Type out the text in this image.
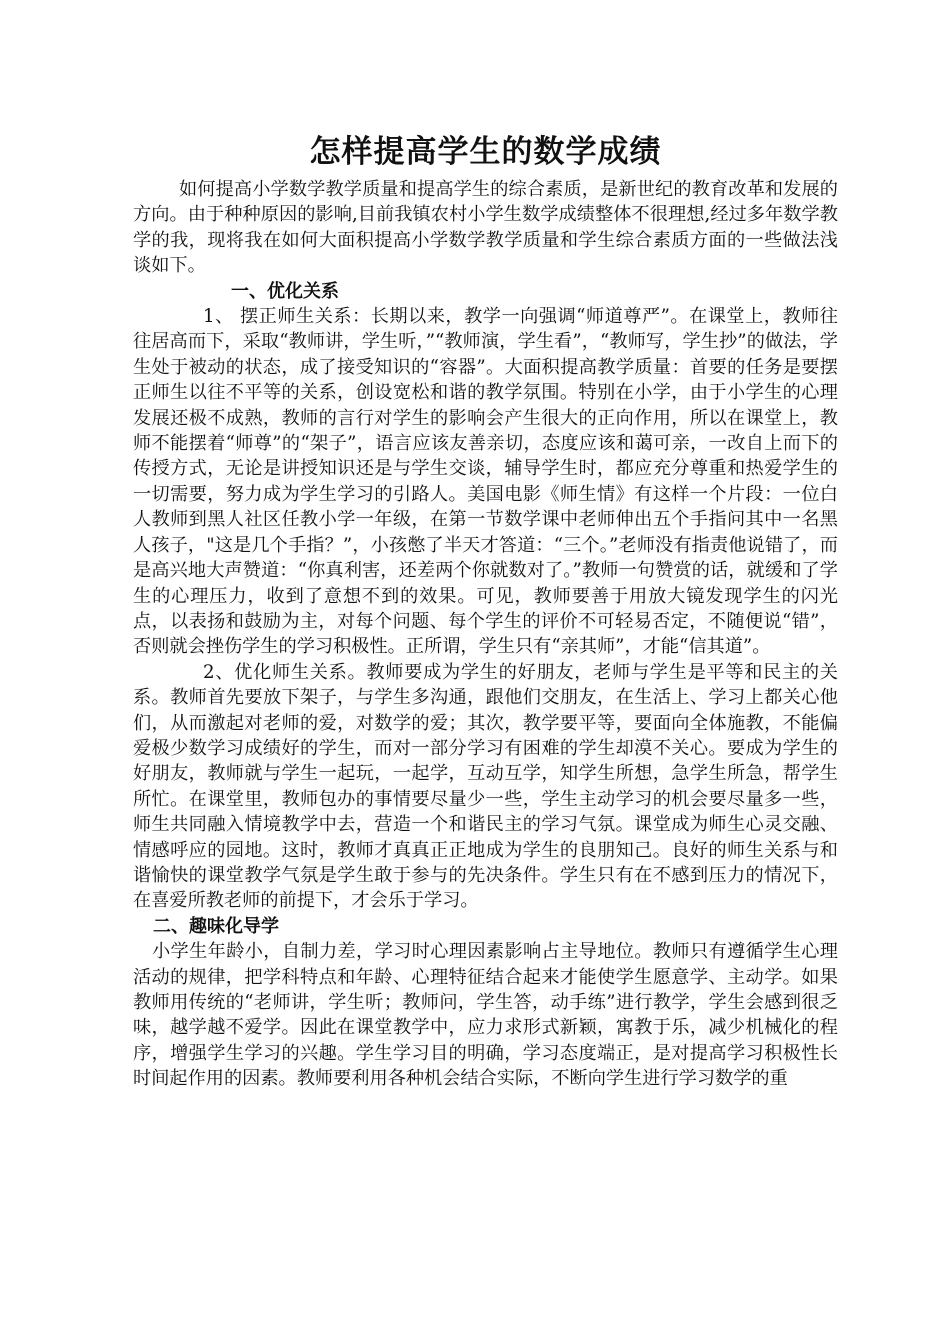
怎样提高学生的数学成绩

如何提高小学数学教学质量和提高学生的综合素质，是新世纪的教育改革和发展的方向。由于种种原因的影响,目前我镇农村小学生数学成绩整体不很理想,经过多年数学教学的我，现将我在如何大面积提高小学数学教学质量和学生综合素质方面的一些做法浅谈如下。

一、优化关系

1、 摆正师生关系：长期以来，教学一向强调“师道尊严”。在课堂上，教师往往居高而下，采取“教师讲，学生听，”“教师演，学生看”，“教师写，学生抄”的做法，学生处于被动的状态，成了接受知识的“容器”。大面积提高教学质量：首要的任务是要摆正师生以往不平等的关系，创设宽松和谐的教学氛围。特别在小学，由于小学生的心理发展还极不成熟，教师的言行对学生的影响会产生很大的正向作用，所以在课堂上，教师不能摆着“师尊”的“架子”，语言应该友善亲切，态度应该和蔼可亲，一改自上而下的传授方式，无论是讲授知识还是与学生交谈，辅导学生时，都应充分尊重和热爱学生的一切需要，努力成为学生学习的引路人。美国电影《师生情》有这样一个片段：一位白人教师到黑人社区任教小学一年级，在第一节数学课中老师伸出五个手指问其中一名黑人孩子，"这是几个手指？”，小孩憋了半天才答道：“三个。”老师没有指责他说错了，而是高兴地大声赞道：“你真利害，还差两个你就数对了。”教师一句赞赏的话，就缓和了学生的心理压力，收到了意想不到的效果。可见，教师要善于用放大镜发现学生的闪光点，以表扬和鼓励为主，对每个问题、每个学生的评价不可轻易否定，不随便说“错”，否则就会挫伤学生的学习积极性。正所谓，学生只有“亲其师”，才能“信其道”。

2、优化师生关系。教师要成为学生的好朋友，老师与学生是平等和民主的关系。教师首先要放下架子，与学生多沟通，跟他们交朋友，在生活上、学习上都关心他们，从而激起对老师的爱，对数学的爱；其次，教学要平等，要面向全体施教，不能偏爱极少数学习成绩好的学生，而对一部分学习有困难的学生却漠不关心。要成为学生的好朋友，教师就与学生一起玩，一起学，互动互学，知学生所想，急学生所急，帮学生所忙。在课堂里，教师包办的事情要尽量少一些，学生主动学习的机会要尽量多一些，师生共同融入情境教学中去，营造一个和谐民主的学习气氛。课堂成为师生心灵交融、情感呼应的园地。这时，教师才真真正正地成为学生的良朋知己。良好的师生关系与和谐愉快的课堂教学气氛是学生敢于参与的先决条件。学生只有在不感到压力的情况下，在喜爱所教老师的前提下，才会乐于学习。

二、趣味化导学

小学生年龄小，自制力差，学习时心理因素影响占主导地位。教师只有遵循学生心理活动的规律，把学科特点和年龄、心理特征结合起来才能使学生愿意学、主动学。如果教师用传统的“老师讲，学生听；教师问，学生答，动手练”进行教学，学生会感到很乏味，越学越不爱学。因此在课堂教学中，应力求形式新颖，寓教于乐，减少机械化的程序，增强学生学习的兴趣。学生学习目的明确，学习态度端正，是对提高学习积极性长时间起作用的因素。教师要利用各种机会结合实际，不断向学生进行学习数学的重
